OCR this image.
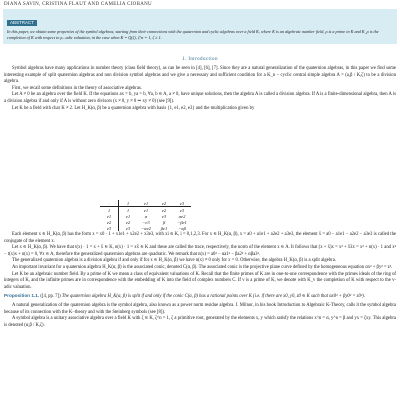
DIANA SAVIN, CRISTINA FLAUT AND CAMELIA CIOBANU
ABSTRACT
In this paper, we obtain some properties of the symbol algebras, starting from their connections with the quaternion and cyclic algebras over a field K, where K is an algebraic number field, ρ is a prime in K and K_ρ is the completion of K with respect to ρ– adic valuation, in the case when K = Q(ζ), ζ^n = 1, ζ ≠ 1.
1. Introduction

Symbol algebras have many applications in number theory (class field theory), as can be seen in [4], [6], [7]. Since they are a natural generalization of the quaternion algebras, in this paper we find some interesting example of split quaternion algebras and non division symbol algebras and we give a necessary and sufficient condition for a K_n – cyclic central simple algebra A = (a,β / K,ζ) to be a division algebra.

First, we recall some definitions in the theory of associative algebras.

Let A ≠ 0 be an algebra over the field K. If the equations ax = b, ya = b, ∀a, b ∈ A, a ≠ 0, have unique solutions, then the algebra A is called a division algebra. If A is a finite-dimensional algebra, then A is a division algebra if and only if A is without zero divisors (x ≠ 0, y ≠ 0 ⇒ xy ≠ 0) (see [9]).

Let K be a field with char K ≠ 2. Let H_K(α, β) be a quaternion algebra with basis {1, e1, e2, e3} and the multiplication given by

·	1	e1	e2	e3
1	1	e1	e2	e3
e1	e1	α	e3	αe2
e2	e2	−e3	β	−βe1
e3	e3	−αe2	βe1	−αβ

Each element x ∈ H_K(α, β) has the form x = x0 · 1 + x1e1 + x2e2 + x3e3, with xi ∈ K, i = 0,1,2,3. For x ∈ H_K(α, β), x = a0 + a1e1 + a2e2 + a3e3, the element x̄ = a0 − a1e1 − a2e2 − a3e3 is called the conjugate of the element x.

Let x ∈ H_K(α, β). We have that t(x) · 1 = x + x̄ ∈ K, n(x) · 1 = xx̄ ∈ K and these are called the trace, respectively, the norm of the element x ∈ A. It follows that (x + x̄)x = x² + x̄x̄x = x² + n(x) · 1 and x² − t(x)x + n(x) = 0, ∀x ∈ A, therefore the generalized quaternion algebras are quadratic. We remark that n(x) = a0² − αa1² − βa2² + αβa3².

The generalized quaternion algebra is a division algebra if and only if for x ∈ H_K(α, β) we have n(x) ≠ 0 only for x = 0. Otherwise, the algebra H_K(α, β) is a split algebra.

An important invariant for a quaternion algebra H_K(α, β) is the associated conic, denoted C(α, β). The associated conic is the projective plane curve defined by the homogeneous equation αx² + βy² = z².

Let K be an algebraic number field. By a prime of K we mean a class of equivalent valuations of K. Recall that the finite primes of K are in one-to-one correspondence with the primes ideals of the ring of integers of K, and the infinite primes are in correspondence with the embedding of K into the field of complex numbers C. If v is a prime of K, we denote with K_v the completion of K with respect to the v-adic valuation.

Proposition 1.1. ([4, pp. 7]) The quaternion algebra H_K(α, β) is split if and only if the conic C(α, β) has a rational points over K (i.e. if there are x0, y0, z0 ∈ K such that αx0² + βy0² = z0²).

A natural generalization of the quaternion algebra is the symbol algebra, also known as a power norm residue algebra. J. Milnor, in his book Introduction to Algebraic K-Theory, calls it the symbol algebra because of its connection with the K−theory and with the Steinberg symbols (see [8]).

A symbol algebra is a unitary associative algebra over a field K with ζ ∈ K, ζ^n = 1, ζ a primitive root, generated by the elements x, y which satisfy the relations x^n = α, y^n = β and yx = ζxy. This algebra is denoted (α,β / K,ζ).
